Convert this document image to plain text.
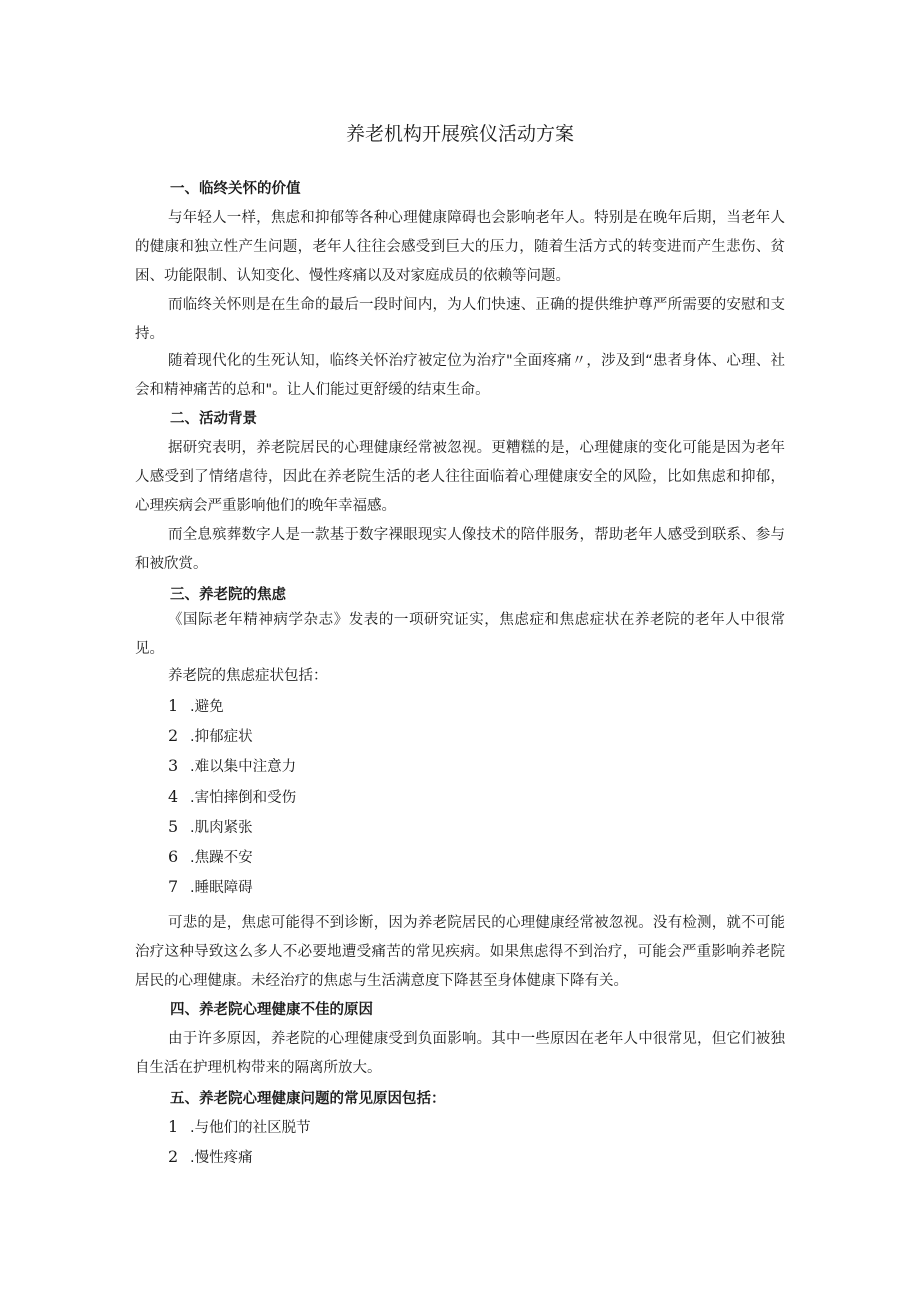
养老机构开展殡仪活动方案
一、临终关怀的价值

与年轻人一样，焦虑和抑郁等各种心理健康障碍也会影响老年人。特别是在晚年后期，当老年人的健康和独立性产生问题，老年人往往会感受到巨大的压力，随着生活方式的转变进而产生悲伤、贫困、功能限制、认知变化、慢性疼痛以及对家庭成员的依赖等问题。

而临终关怀则是在生命的最后一段时间内，为人们快速、正确的提供维护尊严所需要的安慰和支持。

随着现代化的生死认知，临终关怀治疗被定位为治疗"全面疼痛〃，涉及到“患者身体、心理、社会和精神痛苦的总和"。让人们能过更舒缓的结束生命。

二、活动背景

据研究表明，养老院居民的心理健康经常被忽视。更糟糕的是，心理健康的变化可能是因为老年人感受到了情绪虐待，因此在养老院生活的老人往往面临着心理健康安全的风险，比如焦虑和抑郁，心理疾病会严重影响他们的晚年幸福感。

而全息殡葬数字人是一款基于数字裸眼现实人像技术的陪伴服务，帮助老年人感受到联系、参与和被欣赏。

三、养老院的焦虑

《国际老年精神病学杂志》发表的一项研究证实，焦虑症和焦虑症状在养老院的老年人中很常见。

养老院的焦虑症状包括：

1 .避免
2 .抑郁症状
3 .难以集中注意力
4 .害怕摔倒和受伤
5 .肌肉紧张
6 .焦躁不安
7 .睡眠障碍

可悲的是，焦虑可能得不到诊断，因为养老院居民的心理健康经常被忽视。没有检测，就不可能治疗这种导致这么多人不必要地遭受痛苦的常见疾病。如果焦虑得不到治疗，可能会严重影响养老院居民的心理健康。未经治疗的焦虑与生活满意度下降甚至身体健康下降有关。

四、养老院心理健康不佳的原因

由于许多原因，养老院的心理健康受到负面影响。其中一些原因在老年人中很常见，但它们被独自生活在护理机构带来的隔离所放大。

五、养老院心理健康问题的常见原因包括：
1 .与他们的社区脱节
2 .慢性疼痛
